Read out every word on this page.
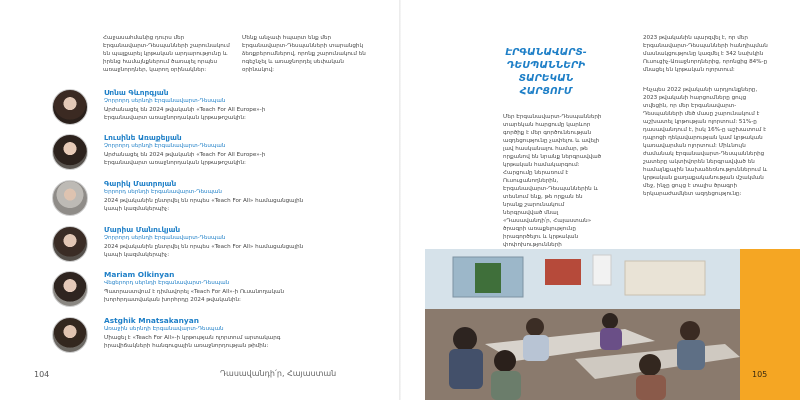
Հաջասահմանից դուրս մեր Էրգանավարտ-Դեսպանների շարունակում են պայքարել կրթական արդարությունը և իրենց համայնքներում ծառայել որպես առաջնորդներ, կարող օրինակներ:

Մենք անչափ հպարտ ենք մեր Էրգանավարտ-Դեսպանների տարանցիկ ձեռքբերումներով, որոնք շարունակում են ոգեշնչել և առաջնորդել սեփական օրինակով:

Սոնա Գևորգյան
Չորրորդ սերնդի Էրգանավարտ-Դեսպան

Արժանացել են 2024 թվականի «Teach For All Europe»-ի Էրգանավարտ առաջնորդական կրթաթոշակին:

Լուսինե Առաքելյան
Չորրորդ սերնդի Էրգանավարտ-Դեսպան

Արժանացել են 2024 թվականի «Teach For All Europe»-ի Էրգանավարտ առաջնորդական կրթաթոշակին:

Գարիկ Մատրոյան
Երրորդ սերնդի Էրգանավարտ-Դեսպան

2024 թվականին ընտրվել են որպես «Teach For All» համացանցային կապի կազմակերպիչ:

Մարիա Մանուկյան
Չորրորդ սերնդի Էրգանավարտ-Դեսպան

2024 թվականին ընտրվել են որպես «Teach For All» համացանցային կապի կազմակերպիչ:

Mariam Olkinyan
Վեցերորդ սերնդի Էրգանավարտ-Դեսպան

Պատրաստվում է դիմավորել «Teach For All»-ի Ուսանողական խորհրդատվական խորհրդը 2024 թվականին:

Astghik Mnatsakanyan
Առաջին սերնդի Էրգանավարտ-Դեսպան

Միացել է «Teach For All»-ի կրթության ոլորտում արտակարգ իրավիճակների հանգուցային առաջնորդության թիմին:

104	Դասավանդի՛ր, Հայաստան
ԷՐԳԱՆԱՎԱՐՏ-ԴԵՍՊԱՆՆԵՐԻ ՏԱՐԵԿԱՆ ՀԱՐՑՈՒՄ

Մեր Էրգանավարտ-Դեսպանների տարեկան հարցումը կարևոր գործիք է մեր գործունեության ազդեցությունը չափելու և ավելի լավ հասկանալու համար, թե որքանով են նրանք ներգրավված կրթական համակարգում: Հարցումը ներառում է Ուսուցանողներին, Էրգանավարտ-Դեսպաններին և տեսնում ենք, թե որքան են նրանք շարունակում ներգրավված մնալ «Դասավանդի՛ր, Հայաստան» ծրագրի առաքելությունը իրագործելու և կրթական փոփոխությունների

2023 թվականին պարզվել է, որ մեր Էրգանավարտ-Դեսպանների հանդիպման մասնակցությունը կազմել է 342 նախկին Ուսուցիչ-Առաջնորդներից, որոնցից 84%-ը մնացել են կրթական ոլորտում:

Ինչպես 2022 թվականի արդյունքները, 2023 թվականի հարցումները ցույց տվեցին, որ մեր Էրգանավարտ-Դեսպանների մեծ մասը շարունակում է աշխատել կրթության ոլորտում: 51%-ը դասավանդում է, իսկ 16%-ը աշխատում է դպրոցի ղեկավարության կամ կրթական կառավարման ոլորտում: Միևնույն ժամանակ Էրգանավարտ-Դեսպաններից շատերը ակտիվորեն ներգրավված են համայնքային նախաձեռնություններում և կրթական քաղաքականության մշակման մեջ, ինչը ցույց է տալիս ծրագրի երկարաժամկետ ազդեցությունը:

105
